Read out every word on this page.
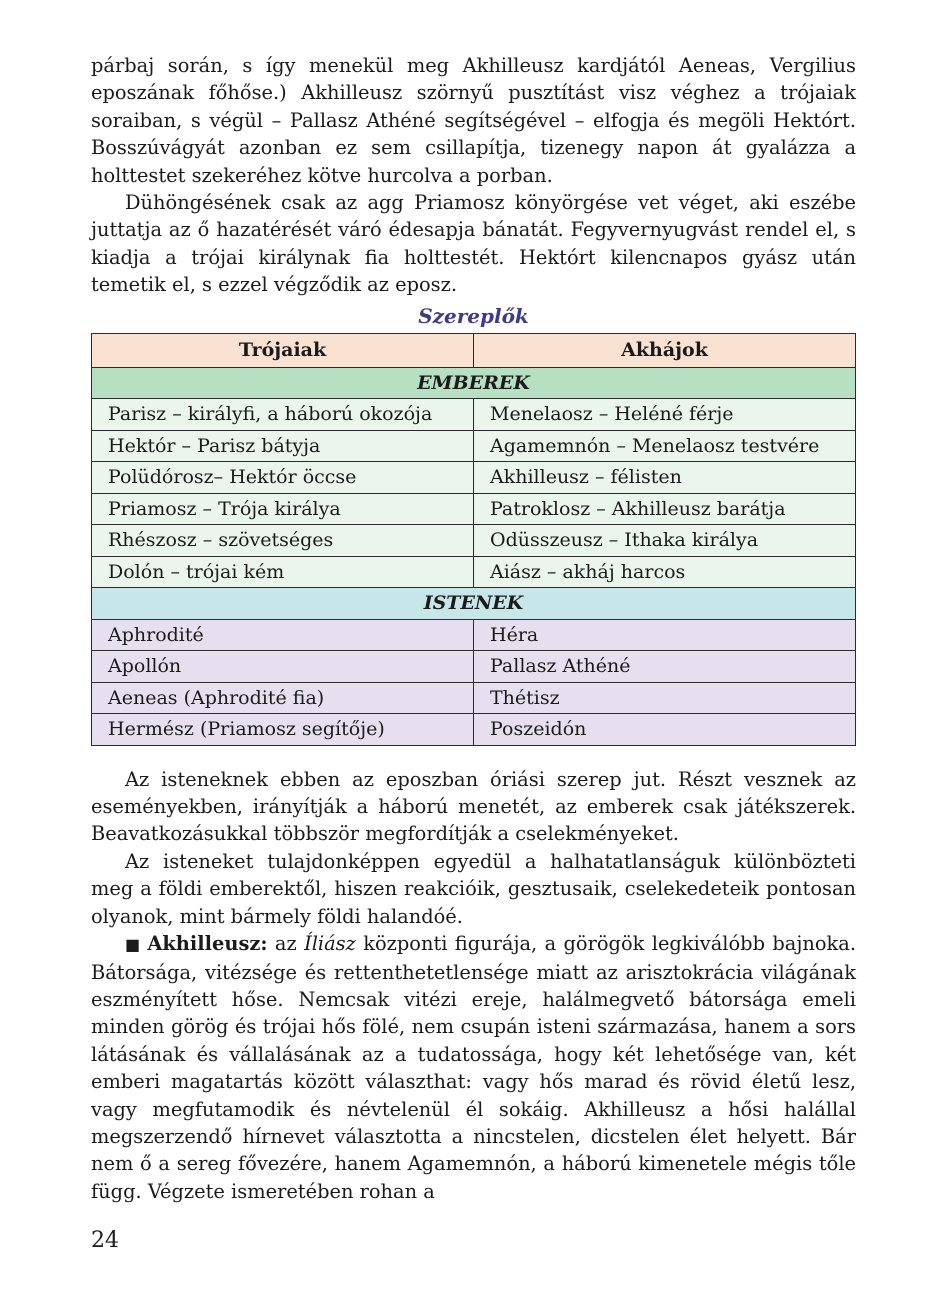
párbaj során, s így menekül meg Akhilleusz kardjától Aeneas, Vergilius eposzának főhőse.) Akhilleusz szörnyű pusztítást visz véghez a trójaiak soraiban, s végül – Pallasz Athéné segítségével – elfogja és megöli Hektórt. Bosszúvágyát azonban ez sem csillapítja, tizenegy napon át gyalázza a holttestet szekeréhez kötve hurcolva a porban.

Dühöngésének csak az agg Priamosz könyörgése vet véget, aki eszébe juttatja az ő hazatérését váró édesapja bánatát. Fegyvernyugvást rendel el, s kiadja a trójai királynak fia holttestét. Hektórt kilencnapos gyász után temetik el, s ezzel végződik az eposz.

Szereplők
Trójaiak	Akhájok
EMBEREK	
Parisz – királyfi, a háború okozója	Menelaosz – Heléné férje
Hektór – Parisz bátyja	Agamemnón – Menelaosz testvére
Polüdórosz– Hektór öccse	Akhilleusz – félisten
Priamosz – Trója királya	Patroklosz – Akhilleusz barátja
Rhészosz – szövetséges	Odüsszeusz – Ithaka királya
Dolón – trójai kém	Aiász – akháj harcos
ISTENEK	
Aphrodité	Héra
Apollón	Pallasz Athéné
Aeneas (Aphrodité fia)	Thétisz
Hermész (Priamosz segítője)	Poszeidón

Az isteneknek ebben az eposzban óriási szerep jut. Részt vesznek az eseményekben, irányítják a háború menetét, az emberek csak játékszerek. Beavatkozásukkal többször megfordítják a cselekményeket.

Az isteneket tulajdonképpen egyedül a halhatatlanságuk különbözteti meg a földi emberektől, hiszen reakcióik, gesztusaik, cselekedeteik pontosan olyanok, mint bármely földi halandóé.

■ Akhilleusz: az Íliász központi figurája, a görögök legkiválóbb bajnoka. Bátorsága, vitézsége és rettenthetetlensége miatt az arisztokrácia világának eszményített hőse. Nemcsak vitézi ereje, halálmegvető bátorsága emeli minden görög és trójai hős fölé, nem csupán isteni származása, hanem a sors látásának és vállalásának az a tudatossága, hogy két lehetősége van, két emberi magatartás között választhat: vagy hős marad és rövid életű lesz, vagy megfutamodik és névtelenül él sokáig. Akhilleusz a hősi halállal megszerzendő hírnevet választotta a nincstelen, dicstelen élet helyett. Bár nem ő a sereg fővezére, hanem Agamemnón, a háború kimenetele mégis tőle függ. Végzete ismeretében rohan a

24
